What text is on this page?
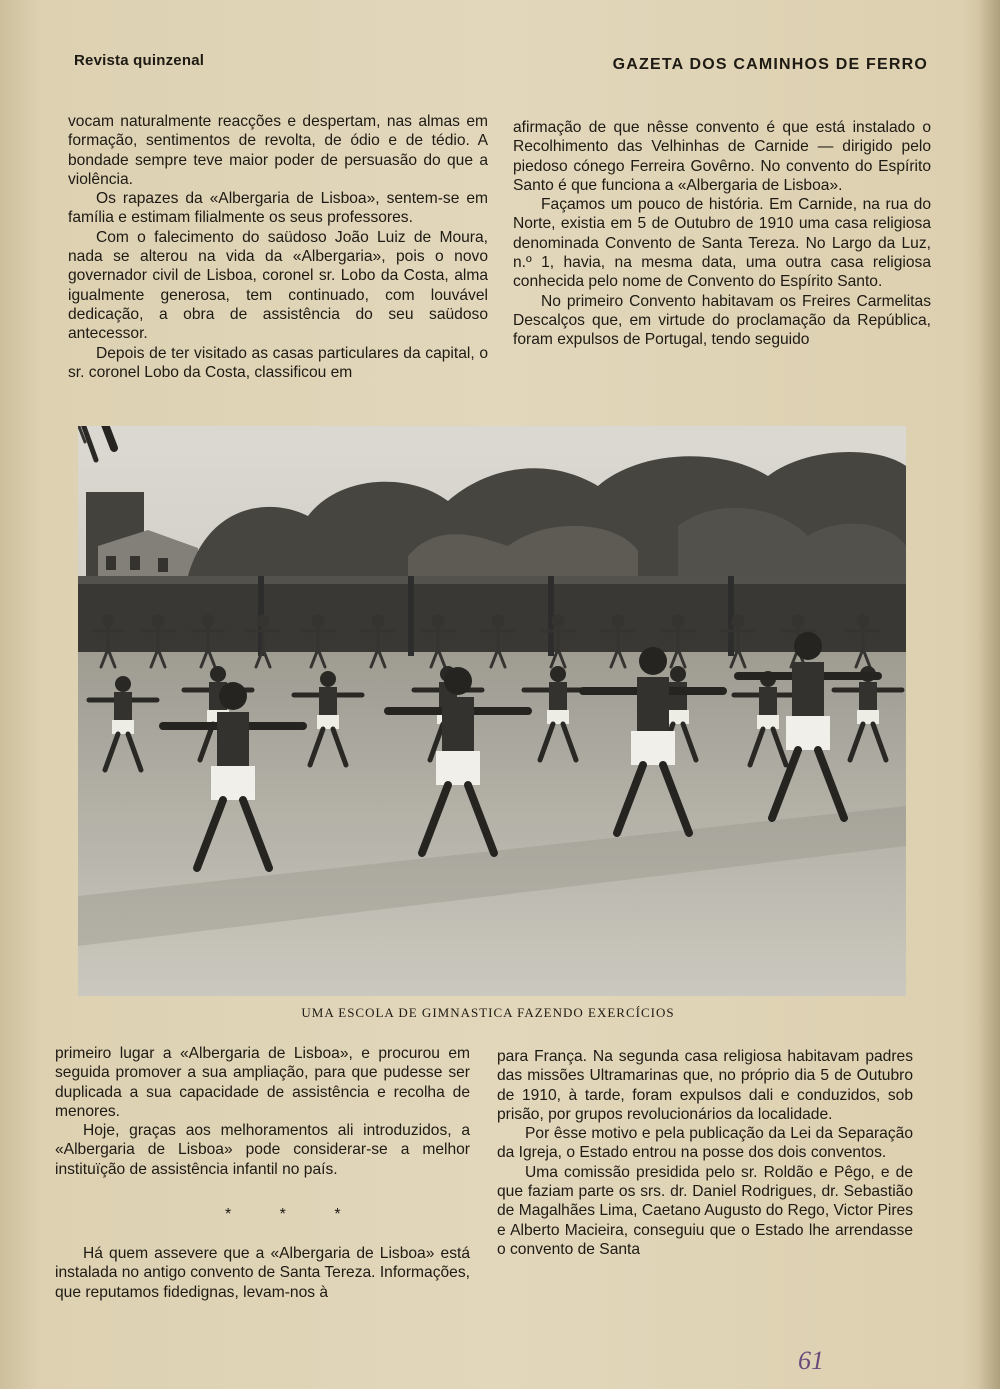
Revista quinzenal	GAZETA DOS CAMINHOS DE FERRO

vocam naturalmente reacções e despertam, nas almas em formação, sentimentos de revolta, de ódio e de tédio. A bondade sempre teve maior poder de persuasão do que a violência.

Os rapazes da «Albergaria de Lisboa», sentem-se em família e estimam filialmente os seus professores.

Com o falecimento do saüdoso João Luiz de Moura, nada se alterou na vida da «Albergaria», pois o novo governador civil de Lisboa, coronel sr. Lobo da Costa, alma igualmente generosa, tem continuado, com louvável dedicação, a obra de assistência do seu saüdoso antecessor.

Depois de ter visitado as casas particulares da capital, o sr. coronel Lobo da Costa, classificou em

afirmação de que nêsse convento é que está instalado o Recolhimento das Velhinhas de Carnide — dirigido pelo piedoso cónego Ferreira Govêrno. No convento do Espírito Santo é que funciona a «Albergaria de Lisboa».

Façamos um pouco de história. Em Carnide, na rua do Norte, existia em 5 de Outubro de 1910 uma casa religiosa denominada Convento de Santa Tereza. No Largo da Luz, n.º 1, havia, na mesma data, uma outra casa religiosa conhecida pelo nome de Convento do Espírito Santo.

No primeiro Convento habitavam os Freires Carmelitas Descalços que, em virtude do proclamação da República, foram expulsos de Portugal, tendo seguido

UMA ESCOLA DE GIMNASTICA FAZENDO EXERCÍCIOS

primeiro lugar a «Albergaria de Lisboa», e procurou em seguida promover a sua ampliação, para que pudesse ser duplicada a sua capacidade de assistência e recolha de menores.

Hoje, graças aos melhoramentos ali introduzidos, a «Albergaria de Lisboa» pode considerar-se a melhor instituïção de assistência infantil no país.

* * *

Há quem assevere que a «Albergaria de Lisboa» está instalada no antigo convento de Santa Tereza. Informações, que reputamos fidedignas, levam-nos à

para França. Na segunda casa religiosa habitavam padres das missões Ultramarinas que, no próprio dia 5 de Outubro de 1910, à tarde, foram expulsos dali e conduzidos, sob prisão, por grupos revolucionários da localidade.

Por êsse motivo e pela publicação da Lei da Separação da Igreja, o Estado entrou na posse dos dois conventos.

Uma comissão presidida pelo sr. Roldão e Pêgo, e de que faziam parte os srs. dr. Daniel Rodrigues, dr. Sebastião de Magalhães Lima, Caetano Augusto do Rego, Victor Pires e Alberto Macieira, conseguiu que o Estado lhe arrendasse o convento de Santa

61
